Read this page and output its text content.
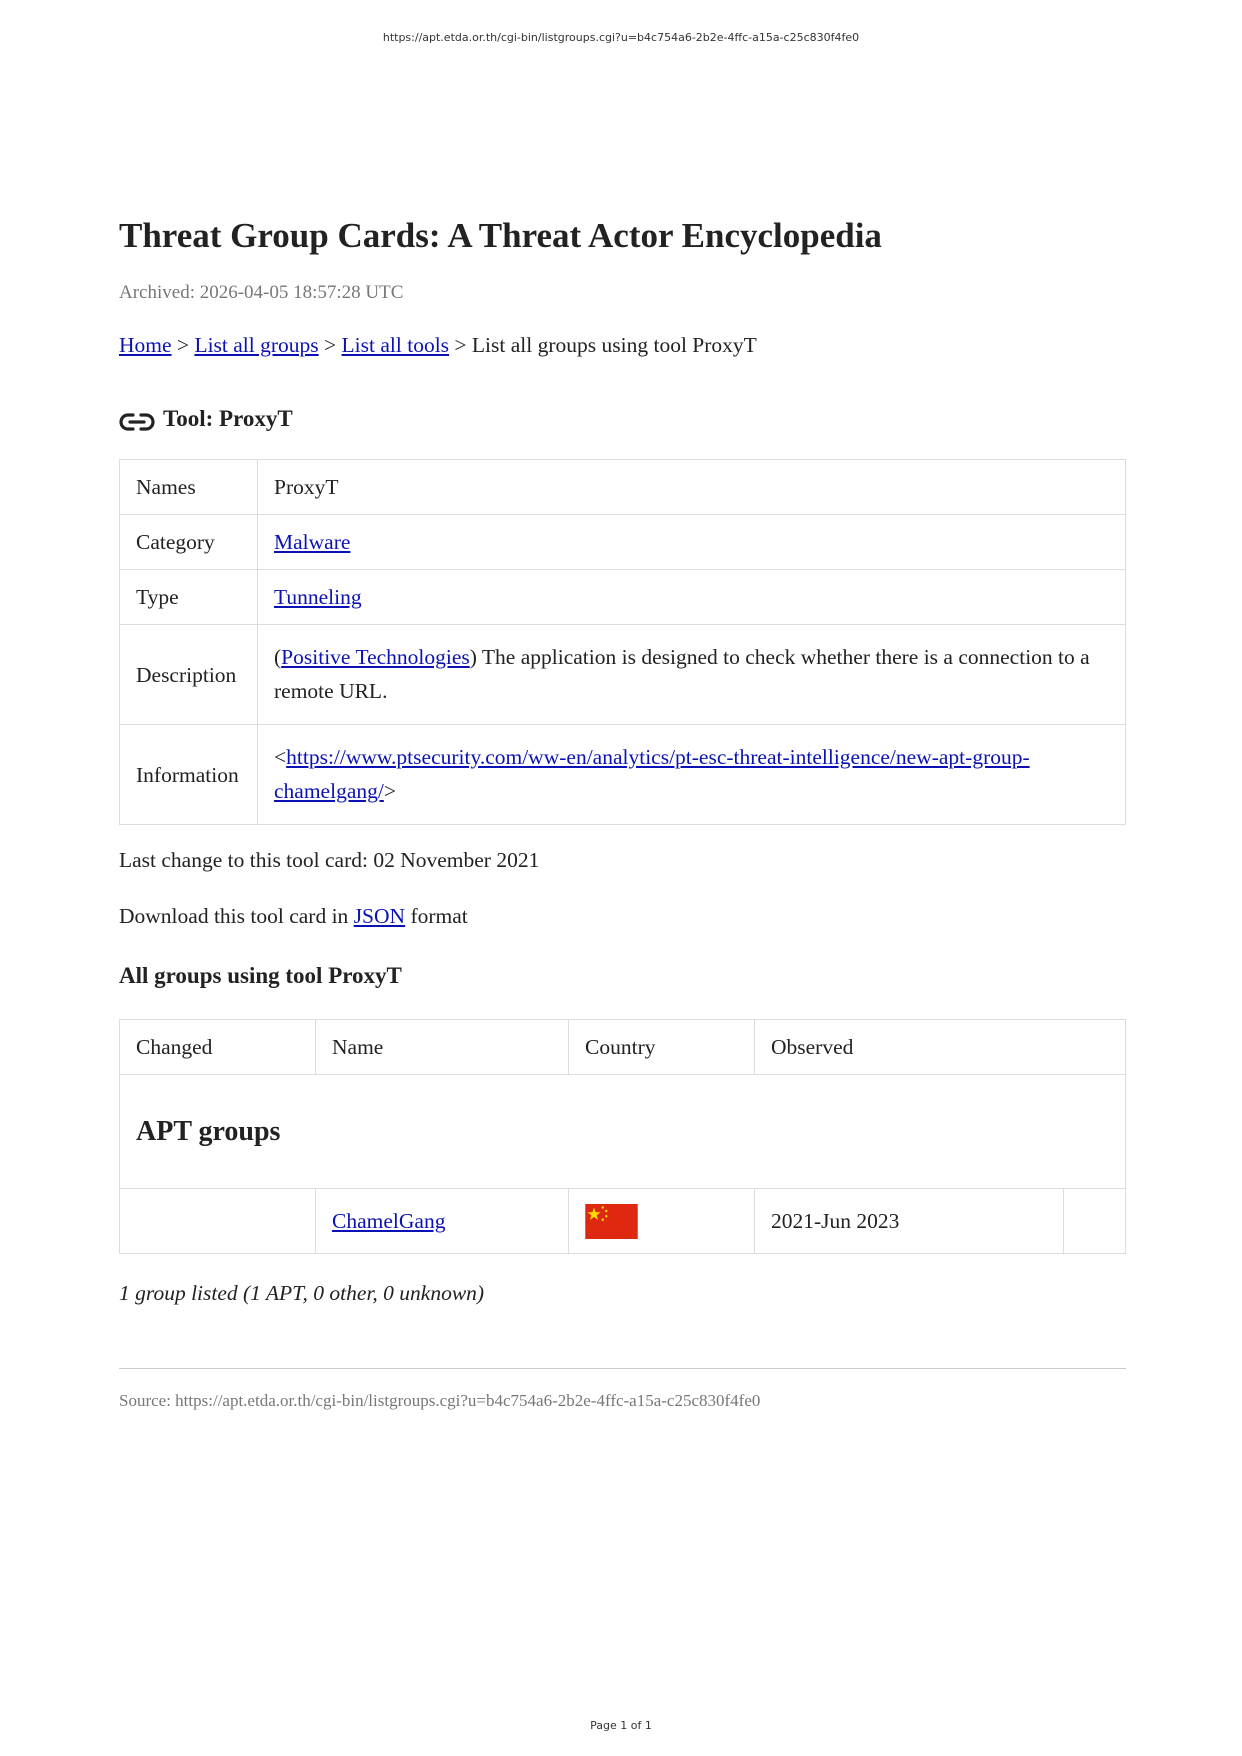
https://apt.etda.or.th/cgi-bin/listgroups.cgi?u=b4c754a6-2b2e-4ffc-a15a-c25c830f4fe0
Threat Group Cards: A Threat Actor Encyclopedia
Archived: 2026-04-05 18:57:28 UTC
Home > List all groups > List all tools > List all groups using tool ProxyT
Tool: ProxyT
Names	ProxyT
Category	Malware
Type	Tunneling
Description	(Positive Technologies) The application is designed to check whether there is a connection to a remote URL.
Information	<https://www.ptsecurity.com/ww-en/analytics/pt-esc-threat-intelligence/new-apt-group-chamelgang/>
Last change to this tool card: 02 November 2021
Download this tool card in JSON format
All groups using tool ProxyT
Changed	Name	Country	Observed	
APT groups				
	ChamelGang		2021-Jun 2023	
1 group listed (1 APT, 0 other, 0 unknown)
Source: https://apt.etda.or.th/cgi-bin/listgroups.cgi?u=b4c754a6-2b2e-4ffc-a15a-c25c830f4fe0
Page 1 of 1
